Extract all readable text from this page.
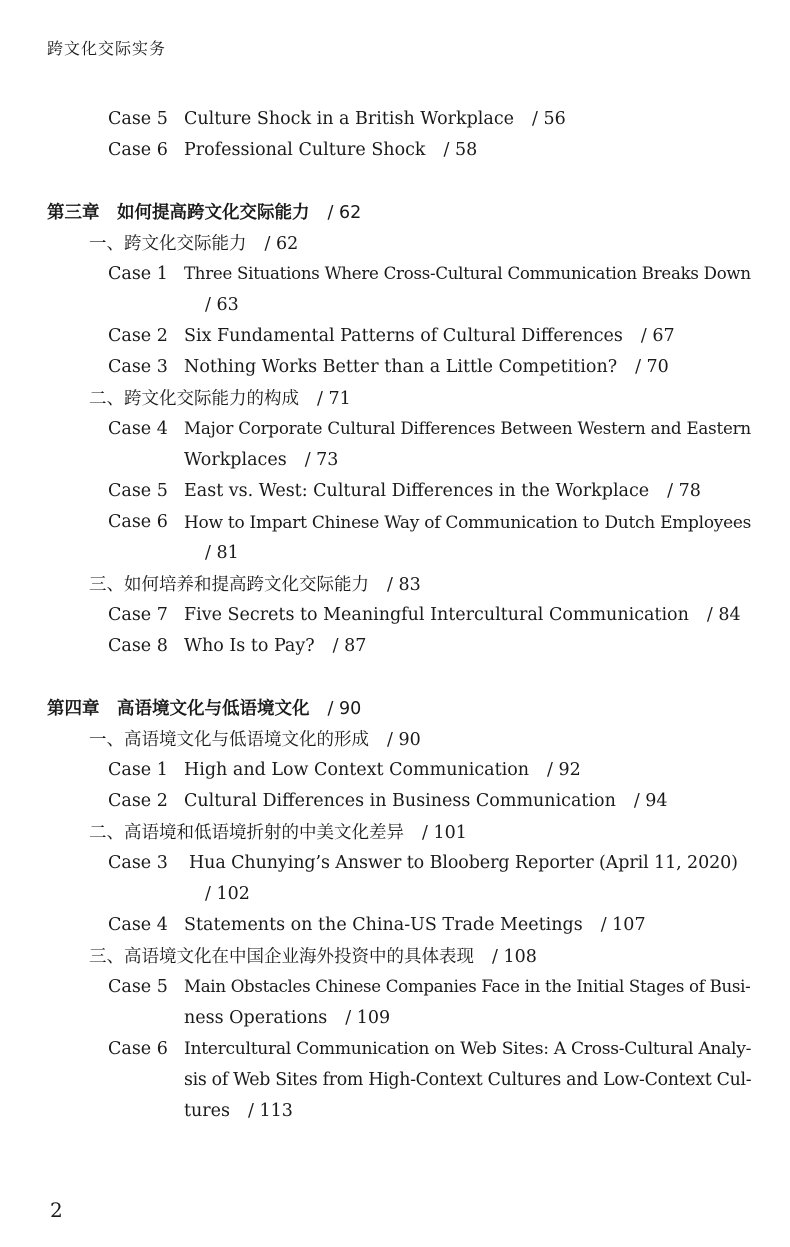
跨文化交际实务
Case 5 Culture Shock in a British Workplace / 56
Case 6 Professional Culture Shock / 58
第三章　如何提高跨文化交际能力 / 62
一、跨文化交际能力 / 62
Case 1 Three Situations Where Cross-Cultural Communication Breaks Down
/ 63
Case 2 Six Fundamental Patterns of Cultural Differences / 67
Case 3 Nothing Works Better than a Little Competition? / 70
二、跨文化交际能力的构成 / 71
Case 4 Major Corporate Cultural Differences Between Western and Eastern
Workplaces / 73
Case 5 East vs. West: Cultural Differences in the Workplace / 78
Case 6 How to Impart Chinese Way of Communication to Dutch Employees
/ 81
三、如何培养和提高跨文化交际能力 / 83
Case 7 Five Secrets to Meaningful Intercultural Communication / 84
Case 8 Who Is to Pay? / 87
第四章　高语境文化与低语境文化 / 90
一、高语境文化与低语境文化的形成 / 90
Case 1 High and Low Context Communication / 92
Case 2 Cultural Differences in Business Communication / 94
二、高语境和低语境折射的中美文化差异 / 101
Case 3 Hua Chunying’s Answer to Blooberg Reporter (April 11, 2020)
/ 102
Case 4 Statements on the China-US Trade Meetings / 107
三、高语境文化在中国企业海外投资中的具体表现 / 108
Case 5 Main Obstacles Chinese Companies Face in the Initial Stages of Busi-
ness Operations / 109
Case 6 Intercultural Communication on Web Sites: A Cross-Cultural Analy-
sis of Web Sites from High-Context Cultures and Low-Context Cul-
tures / 113
2
